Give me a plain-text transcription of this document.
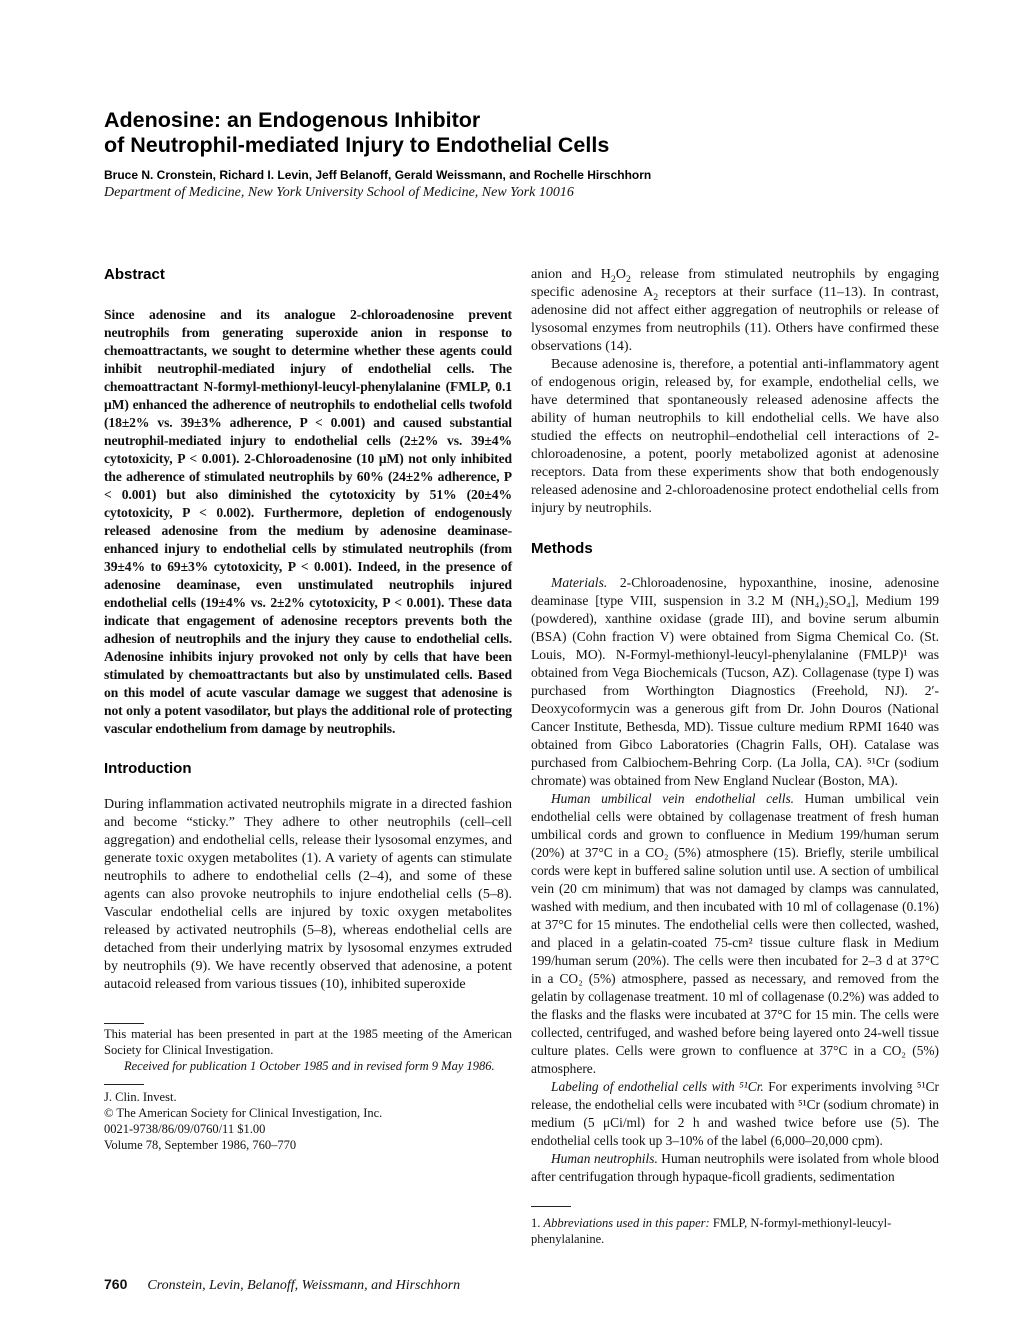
Adenosine: an Endogenous Inhibitor
of Neutrophil-mediated Injury to Endothelial Cells
Bruce N. Cronstein, Richard I. Levin, Jeff Belanoff, Gerald Weissmann, and Rochelle Hirschhorn
Department of Medicine, New York University School of Medicine, New York 10016
Abstract

Since adenosine and its analogue 2-chloroadenosine prevent neutrophils from generating superoxide anion in response to chemoattractants, we sought to determine whether these agents could inhibit neutrophil-mediated injury of endothelial cells. The chemoattractant N-formyl-methionyl-leucyl-phenylalanine (FMLP, 0.1 μM) enhanced the adherence of neutrophils to endothelial cells twofold (18±2% vs. 39±3% adherence, P < 0.001) and caused substantial neutrophil-mediated injury to endothelial cells (2±2% vs. 39±4% cytotoxicity, P < 0.001). 2-Chloroadenosine (10 μM) not only inhibited the adherence of stimulated neutrophils by 60% (24±2% adherence, P < 0.001) but also diminished the cytotoxicity by 51% (20±4% cytotoxicity, P < 0.002). Furthermore, depletion of endogenously released adenosine from the medium by adenosine deaminase-enhanced injury to endothelial cells by stimulated neutrophils (from 39±4% to 69±3% cytotoxicity, P < 0.001). Indeed, in the presence of adenosine deaminase, even unstimulated neutrophils injured endothelial cells (19±4% vs. 2±2% cytotoxicity, P < 0.001). These data indicate that engagement of adenosine receptors prevents both the adhesion of neutrophils and the injury they cause to endothelial cells. Adenosine inhibits injury provoked not only by cells that have been stimulated by chemoattractants but also by unstimulated cells. Based on this model of acute vascular damage we suggest that adenosine is not only a potent vasodilator, but plays the additional role of protecting vascular endothelium from damage by neutrophils.

Introduction

During inflammation activated neutrophils migrate in a directed fashion and become “sticky.” They adhere to other neutrophils (cell–cell aggregation) and endothelial cells, release their lysosomal enzymes, and generate toxic oxygen metabolites (1). A variety of agents can stimulate neutrophils to adhere to endothelial cells (2–4), and some of these agents can also provoke neutrophils to injure endothelial cells (5–8). Vascular endothelial cells are injured by toxic oxygen metabolites released by activated neutrophils (5–8), whereas endothelial cells are detached from their underlying matrix by lysosomal enzymes extruded by neutrophils (9). We have recently observed that adenosine, a potent autacoid released from various tissues (10), inhibited superoxide

This material has been presented in part at the 1985 meeting of the American Society for Clinical Investigation.

Received for publication 1 October 1985 and in revised form 9 May 1986.

J. Clin. Invest.
© The American Society for Clinical Investigation, Inc.
0021-9738/86/09/0760/11 $1.00
Volume 78, September 1986, 760–770

anion and $H_2O_2$ release from stimulated neutrophils by engaging specific adenosine $A_2$ receptors at their surface (11–13). In contrast, adenosine did not affect either aggregation of neutrophils or release of lysosomal enzymes from neutrophils (11). Others have confirmed these observations (14).

Because adenosine is, therefore, a potential anti-inflammatory agent of endogenous origin, released by, for example, endothelial cells, we have determined that spontaneously released adenosine affects the ability of human neutrophils to kill endothelial cells. We have also studied the effects on neutrophil–endothelial cell interactions of 2-chloroadenosine, a potent, poorly metabolized agonist at adenosine receptors. Data from these experiments show that both endogenously released adenosine and 2-chloroadenosine protect endothelial cells from injury by neutrophils.

Methods

Materials. 2-Chloroadenosine, hypoxanthine, inosine, adenosine deaminase [type VIII, suspension in 3.2 M (NH₄)₂SO₄], Medium 199 (powdered), xanthine oxidase (grade III), and bovine serum albumin (BSA) (Cohn fraction V) were obtained from Sigma Chemical Co. (St. Louis, MO). N-Formyl-methionyl-leucyl-phenylalanine (FMLP)¹ was obtained from Vega Biochemicals (Tucson, AZ). Collagenase (type I) was purchased from Worthington Diagnostics (Freehold, NJ). 2′-Deoxycoformycin was a generous gift from Dr. John Douros (National Cancer Institute, Bethesda, MD). Tissue culture medium RPMI 1640 was obtained from Gibco Laboratories (Chagrin Falls, OH). Catalase was purchased from Calbiochem-Behring Corp. (La Jolla, CA). ⁵¹Cr (sodium chromate) was obtained from New England Nuclear (Boston, MA).

Human umbilical vein endothelial cells. Human umbilical vein endothelial cells were obtained by collagenase treatment of fresh human umbilical cords and grown to confluence in Medium 199/human serum (20%) at 37°C in a CO₂ (5%) atmosphere (15). Briefly, sterile umbilical cords were kept in buffered saline solution until use. A section of umbilical vein (20 cm minimum) that was not damaged by clamps was cannulated, washed with medium, and then incubated with 10 ml of collagenase (0.1%) at 37°C for 15 minutes. The endothelial cells were then collected, washed, and placed in a gelatin-coated 75-cm² tissue culture flask in Medium 199/human serum (20%). The cells were then incubated for 2–3 d at 37°C in a CO₂ (5%) atmosphere, passed as necessary, and removed from the gelatin by collagenase treatment. 10 ml of collagenase (0.2%) was added to the flasks and the flasks were incubated at 37°C for 15 min. The cells were collected, centrifuged, and washed before being layered onto 24-well tissue culture plates. Cells were grown to confluence at 37°C in a CO₂ (5%) atmosphere.

Labeling of endothelial cells with ⁵¹Cr. For experiments involving ⁵¹Cr release, the endothelial cells were incubated with ⁵¹Cr (sodium chromate) in medium (5 μCi/ml) for 2 h and washed twice before use (5). The endothelial cells took up 3–10% of the label (6,000–20,000 cpm).

Human neutrophils. Human neutrophils were isolated from whole blood after centrifugation through hypaque-ficoll gradients, sedimentation

1. Abbreviations used in this paper: FMLP, N-formyl-methionyl-leucyl-phenylalanine.

760 Cronstein, Levin, Belanoff, Weissmann, and Hirschhorn
